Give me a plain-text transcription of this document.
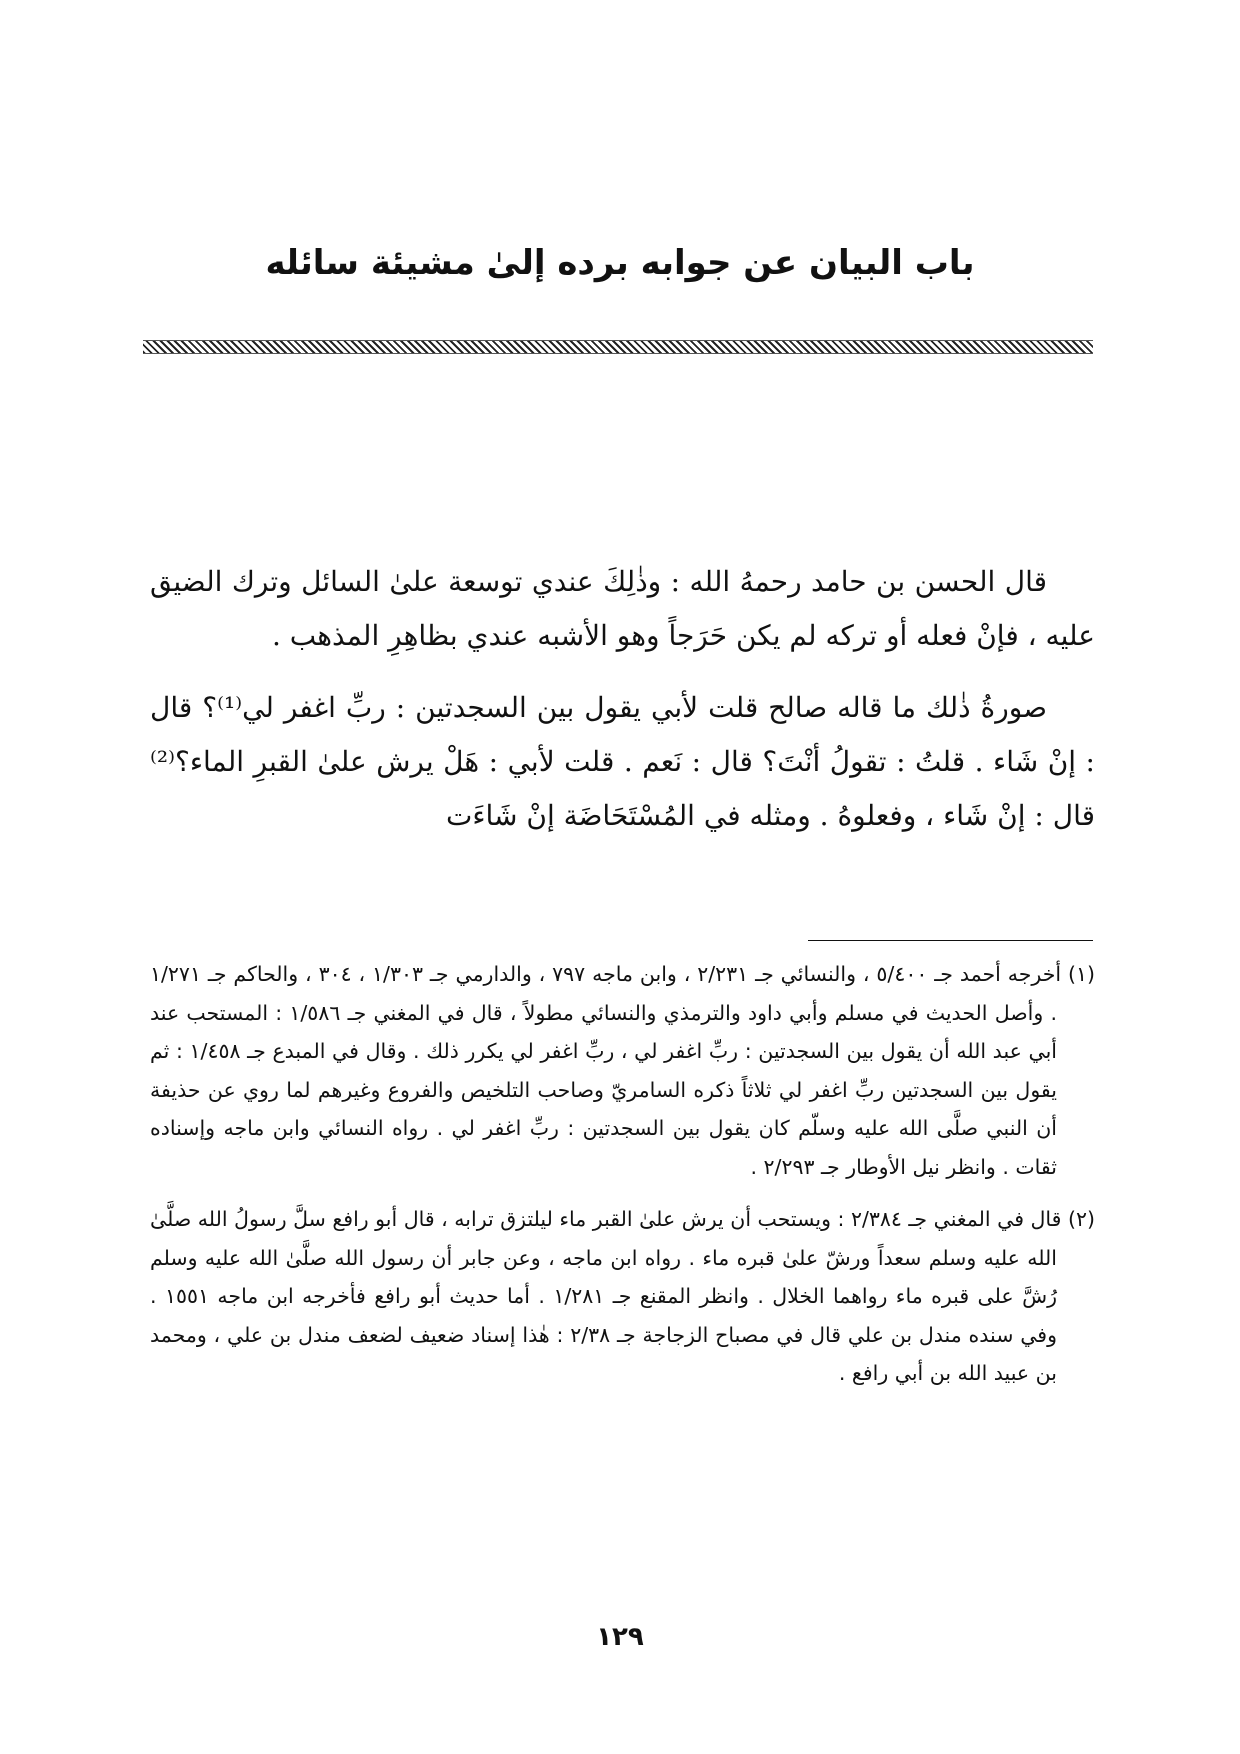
باب البيان عن جوابه برده إلىٰ مشيئة سائله

قال الحسن بن حامد رحمهُ الله : وذٰلِكَ عندي توسعة علىٰ السائل وترك الضيق عليه ، فإنْ فعله أو تركه لم يكن حَرَجاً وهو الأشبه عندي بظاهِرِ المذهب .

صورةُ ذٰلك ما قاله صالح قلت لأبي يقول بين السجدتين : ربِّ اغفر لي⁽¹⁾؟ قال : إنْ شَاء . قلتُ : تقولُ أنْتَ؟ قال : نَعم . قلت لأبي : هَلْ يرش علىٰ القبرِ الماء؟⁽²⁾ قال : إنْ شَاء ، وفعلوهُ . ومثله في المُسْتَحَاضَة إنْ شَاءَت

(١) أخرجه أحمد جـ ٥/٤٠٠ ، والنسائي جـ ٢/٢٣١ ، وابن ماجه ٧٩٧ ، والدارمي جـ ١/٣٠٣ ، ٣٠٤ ، والحاكم جـ ١/٢٧١ . وأصل الحديث في مسلم وأبي داود والترمذي والنسائي مطولاً ، قال في المغني جـ ١/٥٨٦ : المستحب عند أبي عبد الله أن يقول بين السجدتين : ربِّ اغفر لي ، ربِّ اغفر لي يكرر ذلك . وقال في المبدع جـ ١/٤٥٨ : ثم يقول بين السجدتين ربِّ اغفر لي ثلاثاً ذكره السامريّ وصاحب التلخيص والفروع وغيرهم لما روي عن حذيفة أن النبي صلَّى الله عليه وسلّم كان يقول بين السجدتين : ربِّ اغفر لي . رواه النسائي وابن ماجه وإسناده ثقات . وانظر نيل الأوطار جـ ٢/٢٩٣ .

(٢) قال في المغني جـ ٢/٣٨٤ : ويستحب أن يرش علىٰ القبر ماء ليلتزق ترابه ، قال أبو رافع سلَّ رسولُ الله صلَّىٰ الله عليه وسلم سعداً ورشّ علىٰ قبره ماء . رواه ابن ماجه ، وعن جابر أن رسول الله صلَّىٰ الله عليه وسلم رُشَّ على قبره ماء رواهما الخلال . وانظر المقنع جـ ١/٢٨١ . أما حديث أبو رافع فأخرجه ابن ماجه ١٥٥١ . وفي سنده مندل بن علي قال في مصباح الزجاجة جـ ٢/٣٨ : هٰذا إسناد ضعيف لضعف مندل بن علي ، ومحمد بن عبيد الله بن أبي رافع .

١٢٩
